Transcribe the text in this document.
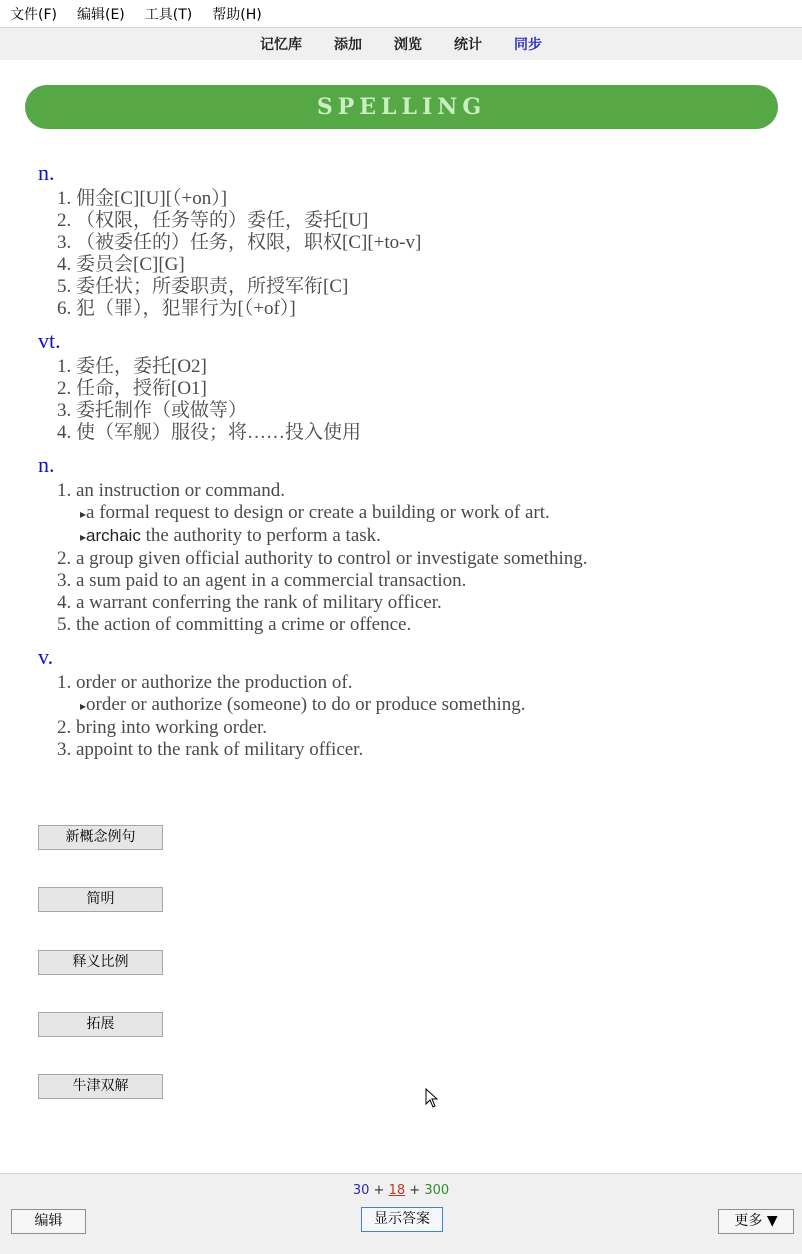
文件(F) 编辑(E) 工具(T) 帮助(H)
记忆库	添加	浏览	统计	同步
SPELLING
n.
1. 佣金[C][U][（+on）]
2. （权限，任务等的）委任，委托[U]
3. （被委任的）任务，权限，职权[C][+to-v]
4. 委员会[C][G]
5. 委任状；所委职责，所授军衔[C]
6. 犯（罪），犯罪行为[（+of）]
vt.
1. 委任，委托[O2]
2. 任命，授衔[O1]
3. 委托制作（或做等）
4. 使（军舰）服役；将……投入使用
n.
1. an instruction or command.
▸ a formal request to design or create a building or work of art.
▸ archaic the authority to perform a task.
2. a group given official authority to control or investigate something.
3. a sum paid to an agent in a commercial transaction.
4. a warrant conferring the rank of military officer.
5. the action of committing a crime or offence.
v.
1. order or authorize the production of.
▸ order or authorize (someone) to do or produce something.
2. bring into working order.
3. appoint to the rank of military officer.
新概念例句
简明
释义比例
拓展
牛津双解
30 + 18 + 300
编辑	显示答案	更多 ▼
